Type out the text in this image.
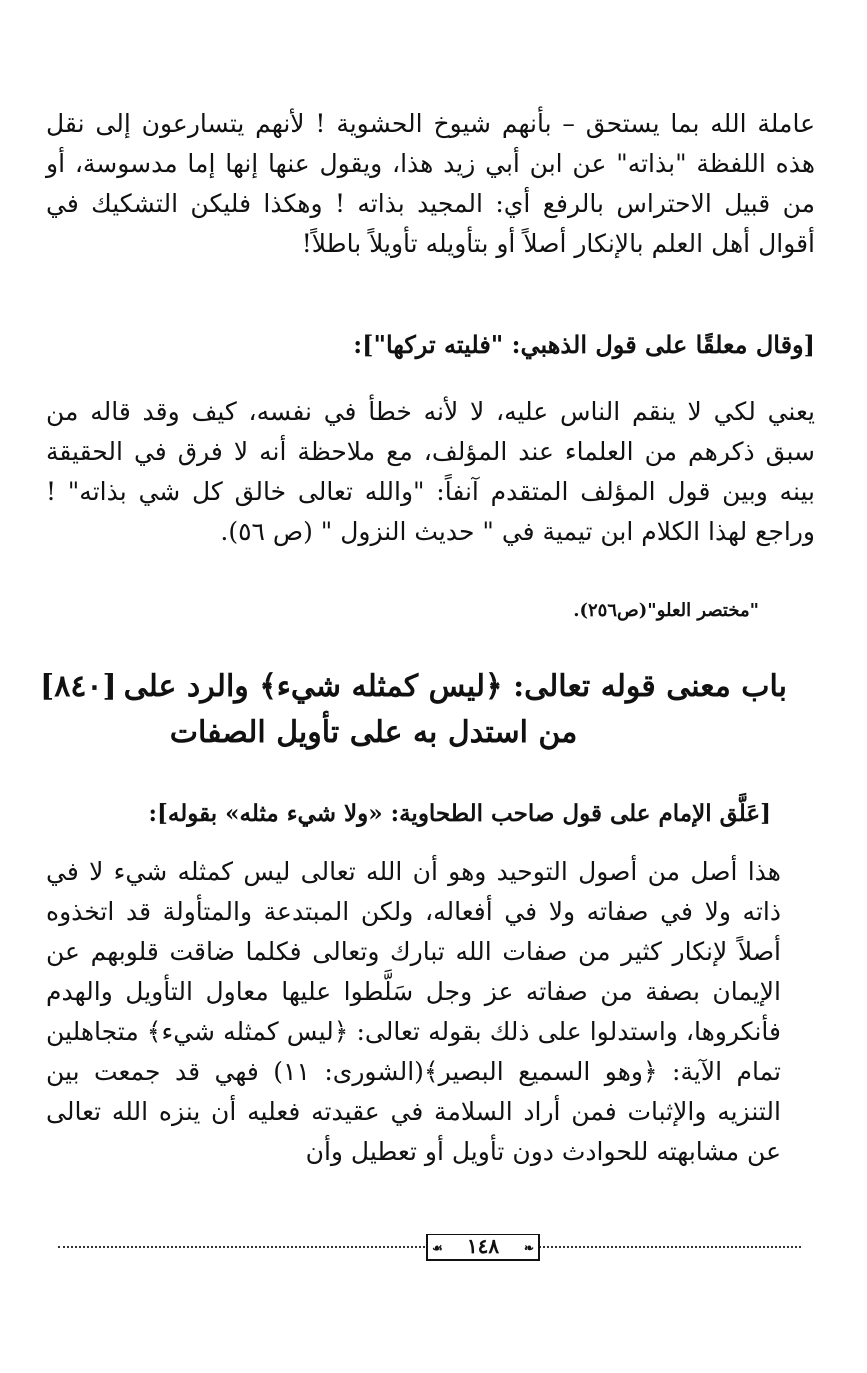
عاملة الله بما يستحق – بأنهم شيوخ الحشوية ! لأنهم يتسارعون إلى نقل هذه اللفظة "بذاته" عن ابن أبي زيد هذا، ويقول عنها إنها إما مدسوسة، أو من قبيل الاحتراس بالرفع أي: المجيد بذاته ! وهكذا فليكن التشكيك في أقوال أهل العلم بالإنكار أصلاً أو بتأويله تأويلاً باطلاً!

[وقال معلقًا على قول الذهبي: "فليته تركها"]:

يعني لكي لا ينقم الناس عليه، لا لأنه خطأ في نفسه، كيف وقد قاله من سبق ذكرهم من العلماء عند المؤلف، مع ملاحظة أنه لا فرق في الحقيقة بينه وبين قول المؤلف المتقدم آنفاً: "والله تعالى خالق كل شي بذاته" ! وراجع لهذا الكلام ابن تيمية في " حديث النزول " (ص ٥٦).

"مختصر العلو"(ص٢٥٦).
باب معنى قوله تعالى: ﴿ليس كمثله شيء﴾ والرد على
[٨٤٠]
من استدل به على تأويل الصفات
[عَلَّق الإمام على قول صاحب الطحاوية: «ولا شيء مثله» بقوله]:

هذا أصل من أصول التوحيد وهو أن الله تعالى ليس كمثله شيء لا في ذاته ولا في صفاته ولا في أفعاله، ولكن المبتدعة والمتأولة قد اتخذوه أصلاً لإنكار كثير من صفات الله تبارك وتعالى فكلما ضاقت قلوبهم عن الإيمان بصفة من صفاته عز وجل سَلَّطوا عليها معاول التأويل والهدم فأنكروها، واستدلوا على ذلك بقوله تعالى: ﴿ليس كمثله شيء﴾ متجاهلين تمام الآية: ﴿وهو السميع البصير﴾(الشورى: ١١) فهي قد جمعت بين التنزيه والإثبات فمن أراد السلامة في عقيدته فعليه أن ينزه الله تعالى عن مشابهته للحوادث دون تأويل أو تعطيل وأن

❧
١٤٨
☙
